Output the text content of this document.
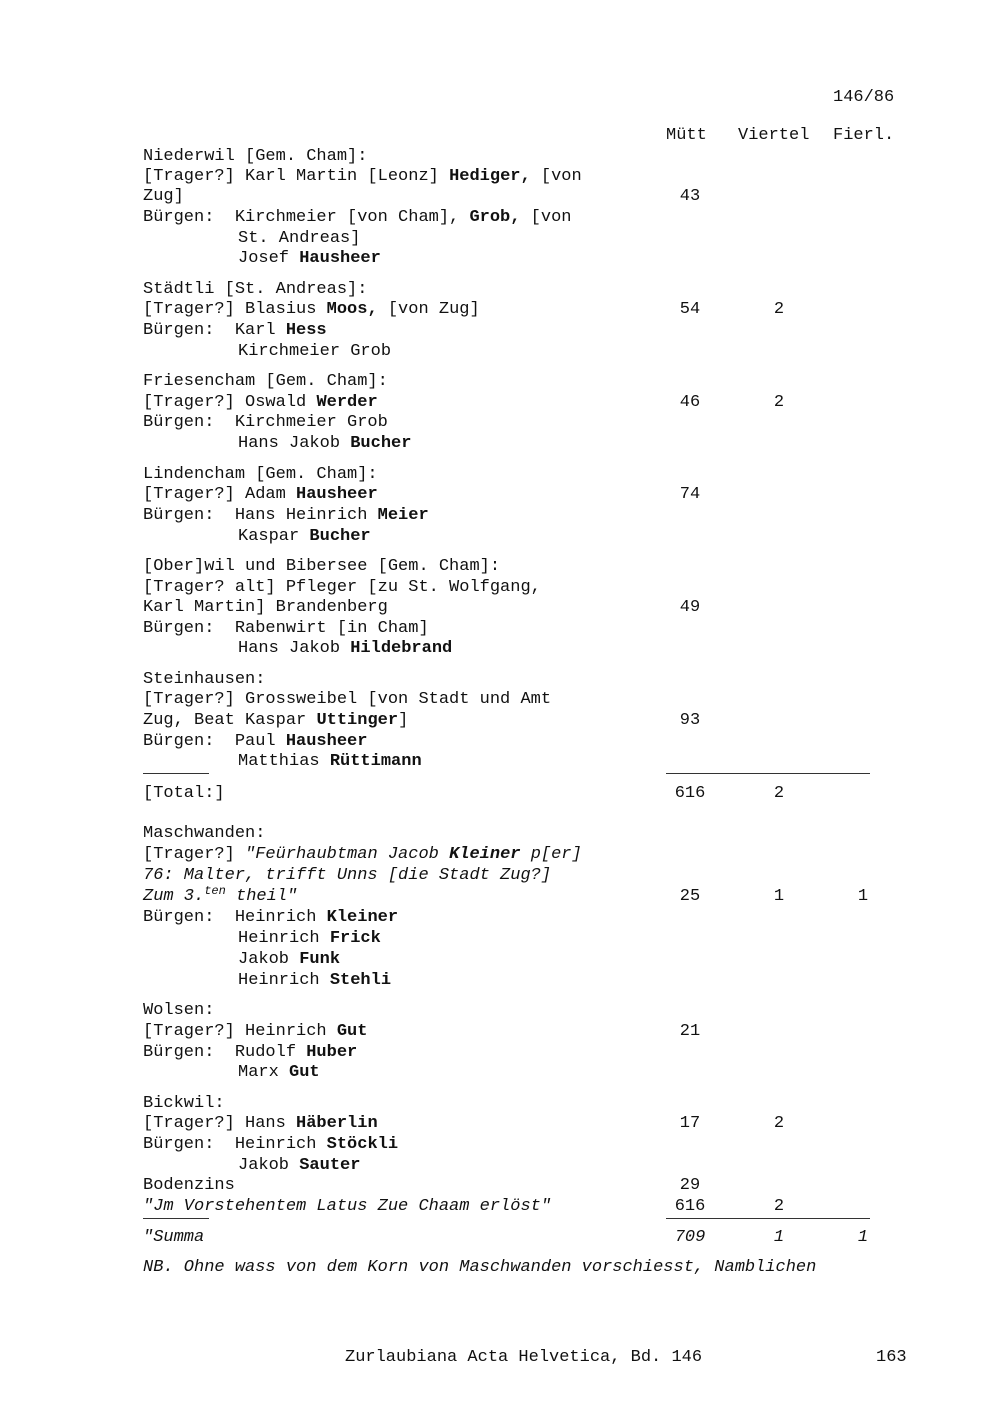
146/86
Mütt Viertel Fierl.
Niederwil [Gem. Cham]:
[Trager?] Karl Martin [Leonz] Hediger, [von
Zug]	43
Bürgen:  Kirchmeier [von Cham], Grob, [von
St. Andreas]
Josef Hausheer
Städtli [St. Andreas]:
[Trager?] Blasius Moos, [von Zug]	54	2
Bürgen:  Karl Hess
Kirchmeier Grob
Friesencham [Gem. Cham]:
[Trager?] Oswald Werder	46	2
Bürgen:  Kirchmeier Grob
Hans Jakob Bucher
Lindencham [Gem. Cham]:
[Trager?] Adam Hausheer	74
Bürgen:  Hans Heinrich Meier
Kaspar Bucher
[Ober]wil und Bibersee [Gem. Cham]:
[Trager? alt] Pfleger [zu St. Wolfgang,
Karl Martin] Brandenberg	49
Bürgen:  Rabenwirt [in Cham]
Hans Jakob Hildebrand
Steinhausen:
[Trager?] Grossweibel [von Stadt und Amt
Zug, Beat Kaspar Uttinger]	93
Bürgen:  Paul Hausheer
Matthias Rüttimann
[Total:]	616	2
Maschwanden:
[Trager?] "Feürhaubtman Jacob Kleiner p[er]
76: Malter, trifft Unns [die Stadt Zug?]
Zum 3.$^{ten}$ theil"	25	1	1
Bürgen:  Heinrich Kleiner
Heinrich Frick
Jakob Funk
Heinrich Stehli
Wolsen:
[Trager?] Heinrich Gut	21
Bürgen:  Rudolf Huber
Marx Gut
Bickwil:
[Trager?] Hans Häberlin	17	2
Bürgen:  Heinrich Stöckli
Jakob Sauter
Bodenzins	29
"Jm Vorstehentem Latus Zue Chaam erlöst"	616	2
"Summa	709	1	1
NB. Ohne wass von dem Korn von Maschwanden vorschiesst, Namblichen
Zurlaubiana Acta Helvetica, Bd. 146	163
